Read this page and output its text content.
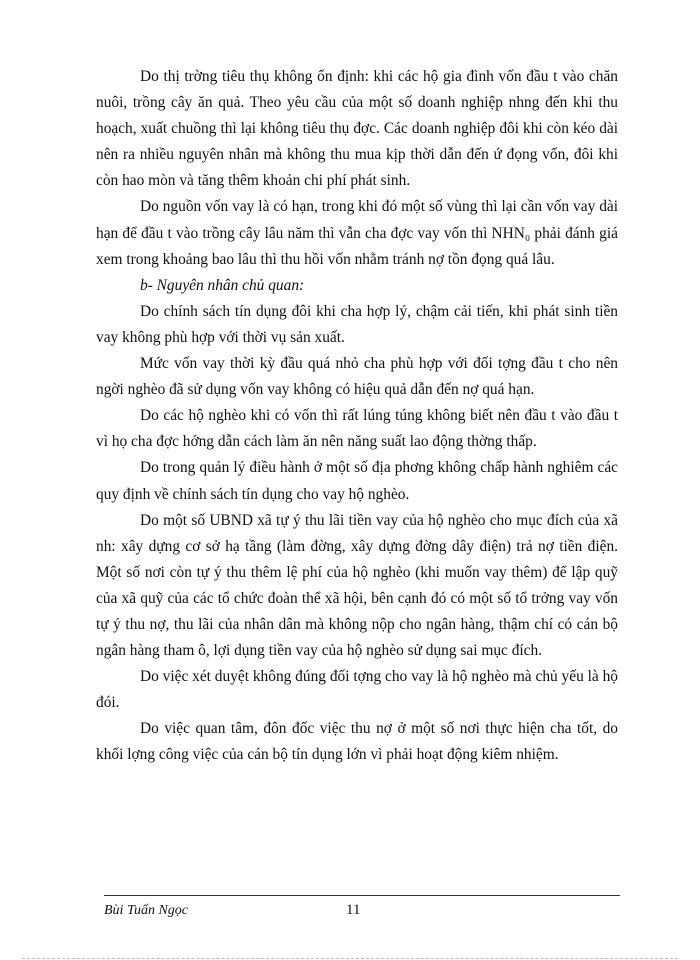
Do thị trờng tiêu thụ không ổn định: khi các hộ gia đình vốn đầu t vào chăn nuôi, trồng cây ăn quả. Theo yêu cầu của một số doanh nghiệp nhng đến khi thu hoạch, xuất chuồng thì lại không tiêu thụ đợc. Các doanh nghiệp đôi khi còn kéo dài nên ra nhiều nguyên nhân mà không thu mua kịp thời dẫn đến ứ đọng vốn, đôi khi còn hao mòn và tăng thêm khoản chi phí phát sinh.

Do nguồn vốn vay là có hạn, trong khi đó một số vùng thì lại cần vốn vay dài hạn để đầu t vào trồng cây lâu năm thì vẫn cha đợc vay vốn thì NHN₀ phải đánh giá xem trong khoảng bao lâu thì thu hồi vốn nhằm tránh nợ tồn đọng quá lâu.

b- Nguyên nhân chủ quan:

Do chính sách tín dụng đôi khi cha hợp lý, chậm cải tiến, khi phát sinh tiền vay không phù hợp với thời vụ sản xuất.

Mức vốn vay thời kỳ đầu quá nhỏ cha phù hợp với đối tợng đầu t cho nên ngời nghèo đã sử dụng vốn vay không có hiệu quả dẫn đến nợ quá hạn.

Do các hộ nghèo khi có vốn thì rất lúng túng không biết nên đầu t vào đầu t vì họ cha đợc hớng dẫn cách làm ăn nên năng suất lao động thờng thấp.

Do trong quản lý điều hành ở một số địa phơng không chấp hành nghiêm các quy định về chính sách tín dụng cho vay hộ nghèo.

Do một số UBND xã tự ý thu lãi tiền vay của hộ nghèo cho mục đích của xã nh: xây dựng cơ sở hạ tầng (làm đờng, xây dựng đờng dây điện) trả nợ tiền điện. Một số nơi còn tự ý thu thêm lệ phí của hộ nghèo (khi muốn vay thêm) để lập quỹ của xã quỹ của các tổ chức đoàn thể xã hội, bên cạnh đó có một số tổ trởng vay vốn tự ý thu nợ, thu lãi của nhân dân mà không nộp cho ngân hàng, thậm chí có cán bộ ngân hàng tham ô, lợi dụng tiền vay của hộ nghèo sử dụng sai mục đích.

Do việc xét duyệt không đúng đối tợng cho vay là hộ nghèo mà chủ yếu là hộ đói.

Do việc quan tâm, đôn đốc việc thu nợ ở một số nơi thực hiện cha tốt, do khối lợng công việc của cán bộ tín dụng lớn vì phải hoạt động kiêm nhiệm.

Bùi Tuấn Ngọc	11
